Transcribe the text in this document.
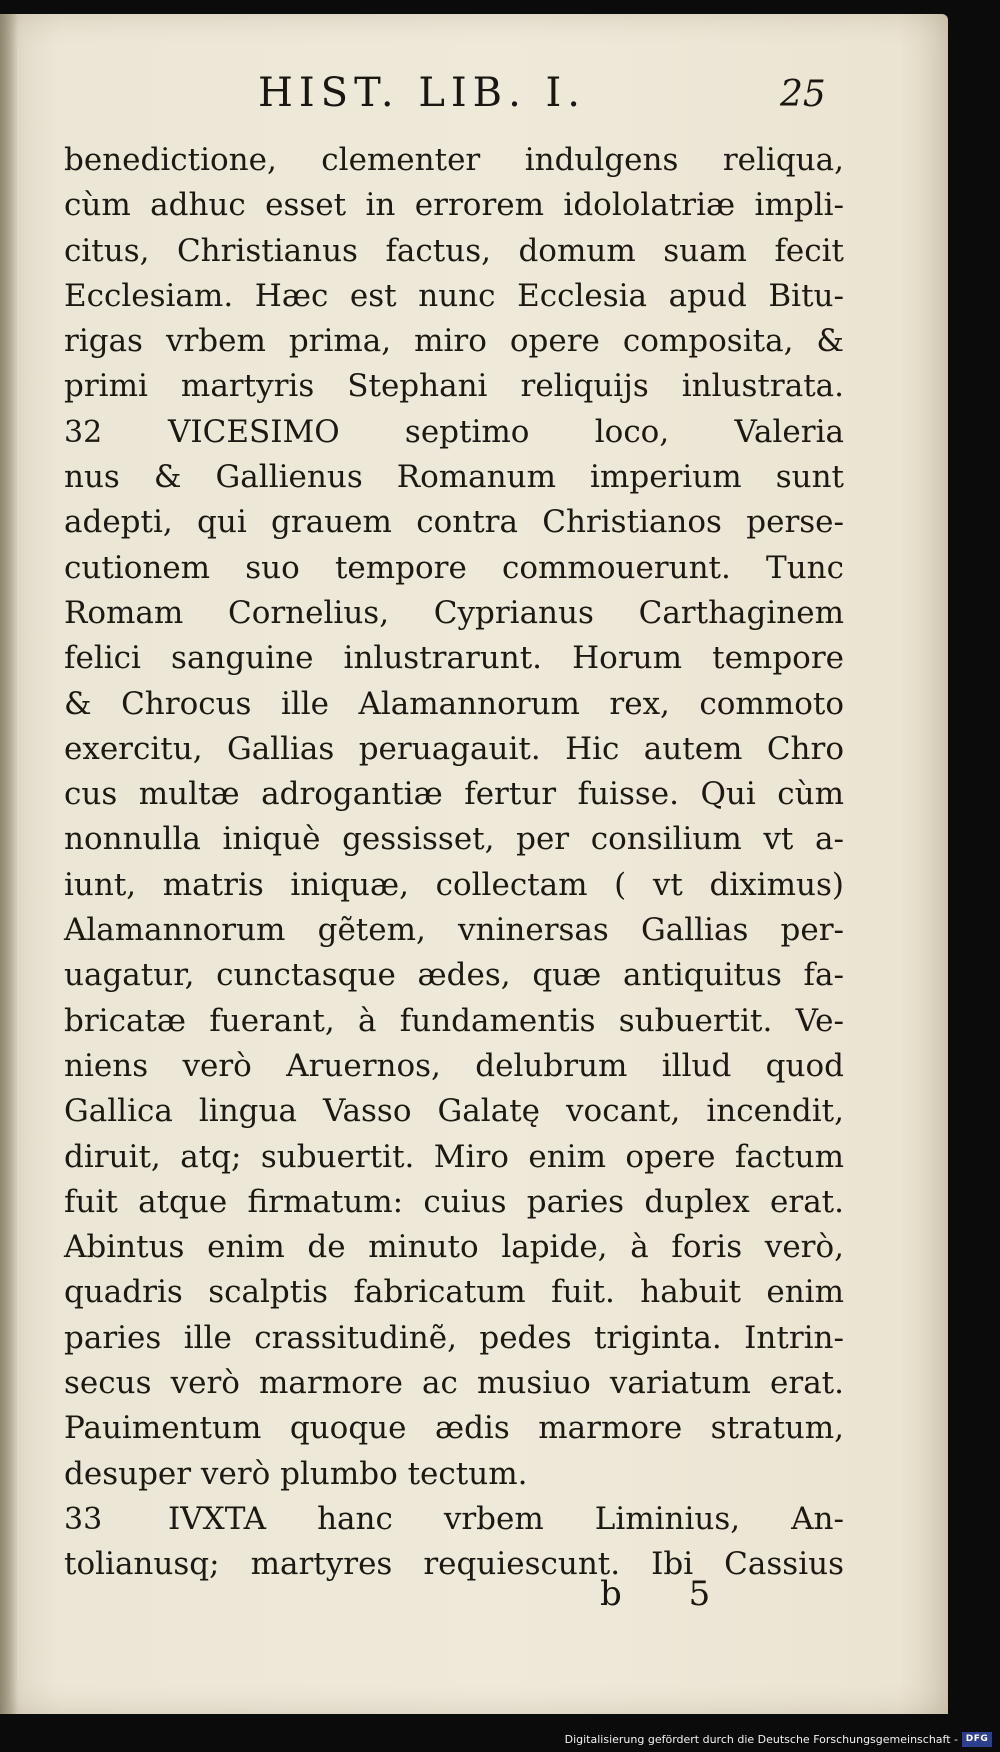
HIST. LIB. I.	25
benedictione, clementer indulgens reliqua,
cùm adhuc esset in errorem idololatriæ impli-
citus, Christianus factus, domum suam fecit
Ecclesiam. Hæc est nunc Ecclesia apud Bitu-
rigas vrbem prima, miro opere composita, &
primi martyris Stephani reliquijs inlustrata.
32 VICESIMO septimo loco, Valeria
nus & Gallienus Romanum imperium sunt
adepti, qui grauem contra Christianos perse-
cutionem suo tempore commouerunt. Tunc
Romam Cornelius, Cyprianus Carthaginem
felici sanguine inlustrarunt. Horum tempore
& Chrocus ille Alamannorum rex, commoto
exercitu, Gallias peruagauit. Hic autem Chro
cus multæ adrogantiæ fertur fuisse. Qui cùm
nonnulla iniquè gessisset, per consilium vt a-
iunt, matris iniquæ, collectam ( vt diximus)
Alamannorum gẽtem, vninersas Gallias per-
uagatur, cunctasque ædes, quæ antiquitus fa-
bricatæ fuerant, à fundamentis subuertit. Ve-
niens verò Aruernos, delubrum illud quod
Gallica lingua Vasso Galatę vocant, incendit,
diruit, atq; subuertit. Miro enim opere factum
fuit atque firmatum: cuius paries duplex erat.
Abintus enim de minuto lapide, à foris verò,
quadris scalptis fabricatum fuit. habuit enim
paries ille crassitudinẽ, pedes triginta. Intrin-
secus verò marmore ac musiuo variatum erat.
Pauimentum quoque ædis marmore stratum,
desuper verò plumbo tectum.
33 IVXTA hanc vrbem Liminius, An-
tolianusq; martyres requiescunt. Ibi Cassius
b 5
Digitalisierung gefördert durch die Deutsche Forschungsgemeinschaft - DFG
